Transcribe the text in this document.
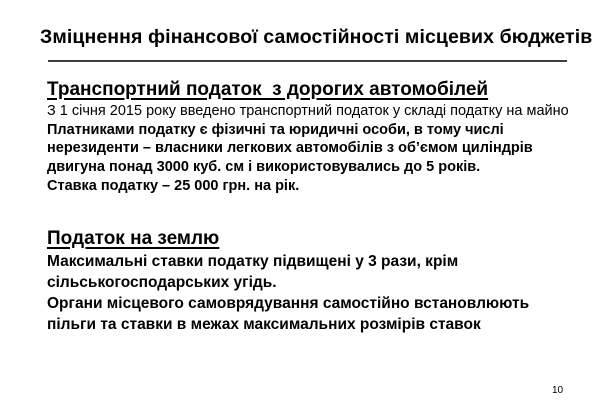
Зміцнення фінансової самостійності місцевих бюджетів
Транспортний податок  з дорогих автомобілей
З 1 січня 2015 року введено транспортний податок у складі податку на майно
Платниками податку є фізичні та юридичні особи, в тому числі
нерезиденти – власники легкових автомобілів з об’ємом циліндрів
двигуна понад 3000 куб. см і використовувались до 5 років.
Ставка податку – 25 000 грн. на рік.
Податок на землю
Максимальні ставки податку підвищені у 3 рази, крім
сільськогосподарських угідь.
Органи місцевого самоврядування самостійно встановлюють
пільги та ставки в межах максимальних розмірів ставок
10
